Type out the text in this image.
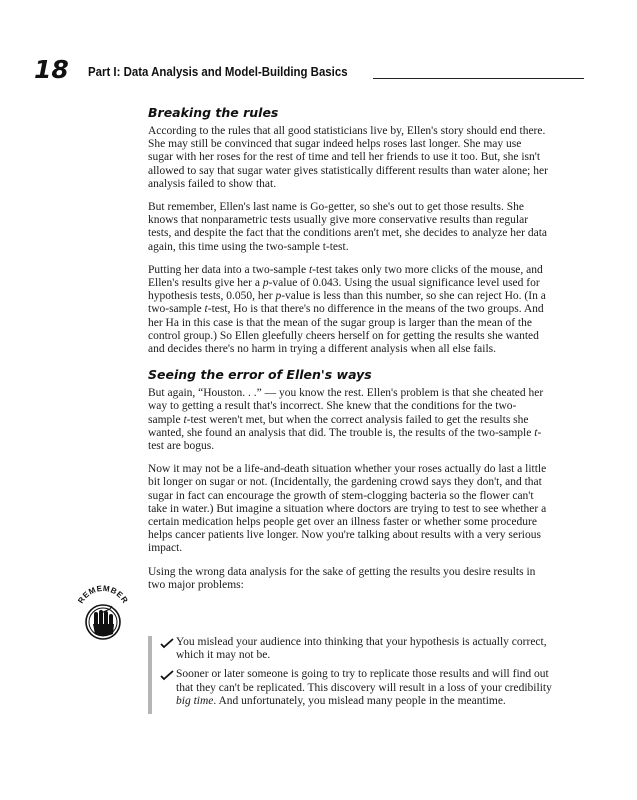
18 Part I: Data Analysis and Model-Building Basics
Breaking the rules

According to the rules that all good statisticians live by, Ellen's story should end there. She may still be convinced that sugar indeed helps roses last longer. She may use sugar with her roses for the rest of time and tell her friends to use it too. But, she isn't allowed to say that sugar water gives statistically different results than water alone; her analysis failed to show that.

But remember, Ellen's last name is Go-getter, so she's out to get those results. She knows that nonparametric tests usually give more conservative results than regular tests, and despite the fact that the conditions aren't met, she decides to analyze her data again, this time using the two-sample t-test.

Putting her data into a two-sample t-test takes only two more clicks of the mouse, and Ellen's results give her a p-value of 0.043. Using the usual significance level used for hypothesis tests, 0.050, her p-value is less than this number, so she can reject Ho. (In a two-sample t-test, Ho is that there's no difference in the means of the two groups. And her Ha in this case is that the mean of the sugar group is larger than the mean of the control group.) So Ellen gleefully cheers herself on for getting the results she wanted and decides there's no harm in trying a different analysis when all else fails.

Seeing the error of Ellen's ways

But again, “Houston. . .” — you know the rest. Ellen's problem is that she cheated her way to getting a result that's incorrect. She knew that the conditions for the two-sample t-test weren't met, but when the correct analysis failed to get the results she wanted, she found an analysis that did. The trouble is, the results of the two-sample t-test are bogus.

Now it may not be a life-and-death situation whether your roses actually do last a little bit longer on sugar or not. (Incidentally, the gardening crowd says they don't, and that sugar in fact can encourage the growth of stem-clogging bacteria so the flower can't take in water.) But imagine a situation where doctors are trying to test to see whether a certain medication helps people get over an illness faster or whether some procedure helps cancer patients live longer. Now you're talking about results with a very serious impact.

Using the wrong data analysis for the sake of getting the results you desire results in two major problems:

REMEMBER
You mislead your audience into thinking that your hypothesis is actually correct, which it may not be.
Sooner or later someone is going to try to replicate those results and will find out that they can't be replicated. This discovery will result in a loss of your credibility big time. And unfortunately, you mislead many people in the meantime.
